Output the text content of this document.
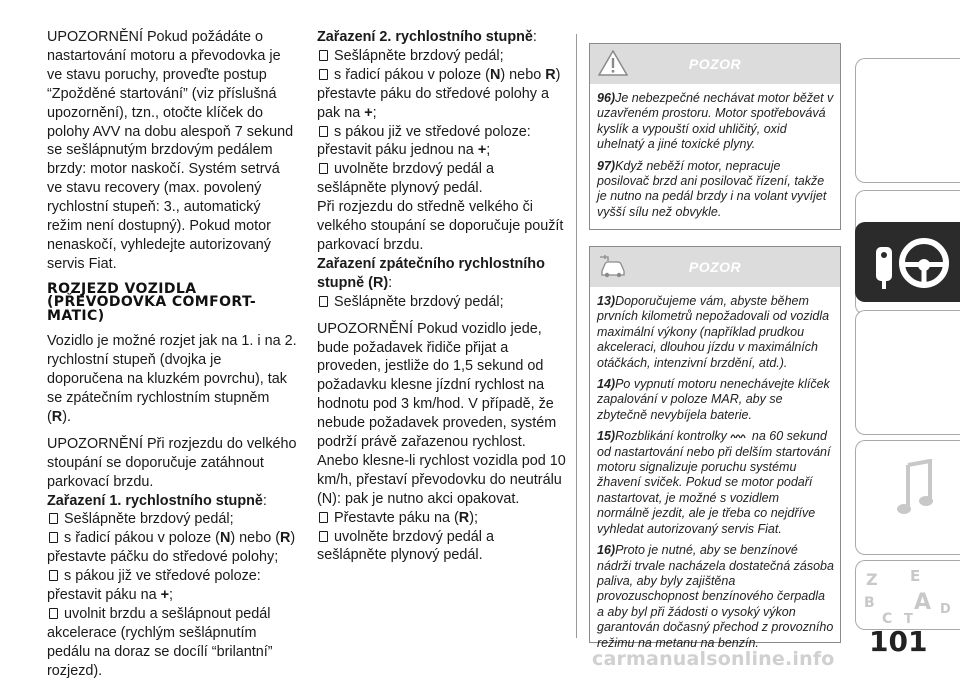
UPOZORNĚNÍ Pokud požádáte o nastartování motoru a převodovka je ve stavu poruchy, proveďte postup “Zpožděné startování” (viz příslušná upozornění), tzn., otočte klíček do polohy AVV na dobu alespoň 7 sekund se sešlápnutým brzdovým pedálem brzdy: motor naskočí. Systém setrvá ve stavu recovery (max. povolený rychlostní stupeň: 3., automatický režim není dostupný). Pokud motor nenaskočí, vyhledejte autorizovaný servis Fiat.

ROZJEZD VOZIDLA (PŘEVODOVKA COMFORT-MATIC)

Vozidlo je možné rozjet jak na 1. i na 2. rychlostní stupeň (dvojka je doporučena na kluzkém povrchu), tak se zpátečním rychlostním stupněm (R).

UPOZORNĚNÍ Při rozjezdu do velkého stoupání se doporučuje zatáhnout parkovací brzdu.

Zařazení 1. rychlostního stupně:

Sešlápněte brzdový pedál;
s řadicí pákou v poloze (N) nebo (R) přestavte páčku do středové polohy;
s pákou již ve středové poloze: přestavit páku na +;
uvolnit brzdu a sešlápnout pedál akcelerace (rychlým sešlápnutím pedálu na doraz se docílí “brilantní” rozjezd).

Zařazení 2. rychlostního stupně:

Sešlápněte brzdový pedál;
s řadicí pákou v poloze (N) nebo R) přestavte páku do středové polohy a pak na +;
s pákou již ve středové poloze: přestavit páku jednou na +;
uvolněte brzdový pedál a sešlápněte plynový pedál.

Při rozjezdu do středně velkého či velkého stoupání se doporučuje použít parkovací brzdu.

Zařazení zpátečního rychlostního stupně (R):

Sešlápněte brzdový pedál;

UPOZORNĚNÍ Pokud vozidlo jede, bude požadavek řidiče přijat a proveden, jestliže do 1,5 sekund od požadavku klesne jízdní rychlost na hodnotu pod 3 km/hod. V případě, že nebude požadavek proveden, systém podrží právě zařazenou rychlost. Anebo klesne-li rychlost vozidla pod 10 km/h, přestaví převodovku do neutrálu (N): pak je nutno akci opakovat.

Přestavte páku na (R);
uvolněte brzdový pedál a sešlápněte plynový pedál.
POZOR

96)Je nebezpečné nechávat motor běžet v uzavřeném prostoru. Motor spotřebovává kyslík a vypouští oxid uhličitý, oxid uhelnatý a jiné toxické plyny.

97)Když neběží motor, nepracuje posilovač brzd ani posilovač řízení, takže je nutno na pedál brzdy i na volant vyvíjet vyšší sílu než obvykle.

POZOR

13)Doporučujeme vám, abyste během prvních kilometrů nepožadovali od vozidla maximální výkony (například prudkou akceleraci, dlouhou jízdu v maximálních otáčkách, intenzivní brzdění, atd.).

14)Po vypnutí motoru nenechávejte klíček zapalování v poloze MAR, aby se zbytečně nevybíjela baterie.

15)Rozblikání kontrolky  na 60 sekund od nastartování nebo při delším startování motoru signalizuje poruchu systému žhavení sviček. Pokud se motor podaří nastartovat, je možné s vozidlem normálně jezdit, ale je třeba co nejdříve vyhledat autorizovaný servis Fiat.

16)Proto je nutné, aby se benzínové nádrži trvale nacházela dostatečná zásoba paliva, aby byly zajištěna provozuschopnost benzínového čerpadla a aby byl při žádosti o vysoký výkon garantován dočasný přechod z provozního režimu na metanu na benzín.

Z E
B A
C T
D
101
carmanualsonline.info
